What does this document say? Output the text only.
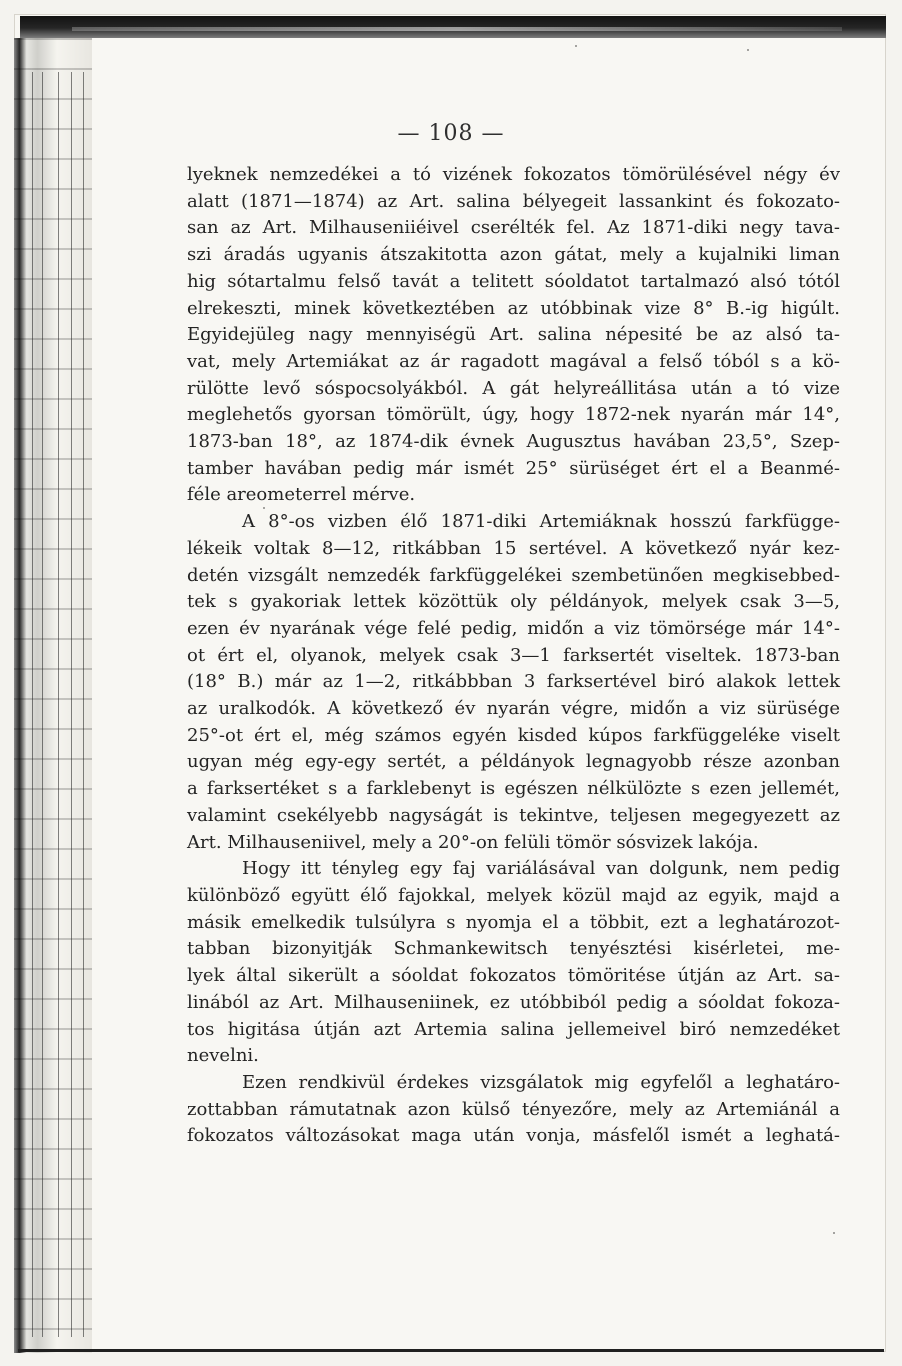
— 108 —
lyeknek nemzedékei a tó vizének fokozatos tömörülésével négy év
alatt (1871—1874) az Art. salina bélyegeit lassankint és fokozato-
san az Art. Milhauseniiéivel cserélték fel. Az 1871-diki negy tava-
szi áradás ugyanis átszakitotta azon gátat, mely a kujalniki liman
hig sótartalmu felső tavát a telitett sóoldatot tartalmazó alsó tótól
elrekeszti, minek következtében az utóbbinak vize 8° B.-ig higúlt.
Egyidejüleg nagy mennyiségü Art. salina népesité be az alsó ta-
vat, mely Artemiákat az ár ragadott magával a felső tóból s a kö-
rülötte levő sóspocsolyákból. A gát helyreállitása után a tó vize
meglehetős gyorsan tömörült, úgy, hogy 1872-nek nyarán már 14°,
1873-ban 18°, az 1874-dik évnek Augusztus havában 23,5°, Szep-
tamber havában pedig már ismét 25° sürüséget ért el a Beanmé-
féle areometerrel mérve.
A 8°-os vizben élő 1871-diki Artemiáknak hosszú farkfügge-
lékeik voltak 8—12, ritkábban 15 sertével. A következő nyár kez-
detén vizsgált nemzedék farkfüggelékei szembetünően megkisebbed-
tek s gyakoriak lettek közöttük oly példányok, melyek csak 3—5,
ezen év nyarának vége felé pedig, midőn a viz tömörsége már 14°-
ot ért el, olyanok, melyek csak 3—1 farksertét viseltek. 1873-ban
(18° B.) már az 1—2, ritkábbban 3 farksertével biró alakok lettek
az uralkodók. A következő év nyarán végre, midőn a viz sürüsége
25°-ot ért el, még számos egyén kisded kúpos farkfüggeléke viselt
ugyan még egy-egy sertét, a példányok legnagyobb része azonban
a farksertéket s a farklebenyt is egészen nélkülözte s ezen jellemét,
valamint csekélyebb nagyságát is tekintve, teljesen megegyezett az
Art. Milhauseniivel, mely a 20°-on felüli tömör sósvizek lakója.
Hogy itt tényleg egy faj variálásával van dolgunk, nem pedig
különböző együtt élő fajokkal, melyek közül majd az egyik, majd a
másik emelkedik tulsúlyra s nyomja el a többit, ezt a leghatározot-
tabban bizonyitják Schmankewitsch tenyésztési kisérletei, me-
lyek által sikerült a sóoldat fokozatos tömöritése útján az Art. sa-
linából az Art. Milhauseniinek, ez utóbbiból pedig a sóoldat fokoza-
tos higitása útján azt Artemia salina jellemeivel biró nemzedéket
nevelni.
Ezen rendkivül érdekes vizsgálatok mig egyfelől a leghatáro-
zottabban rámutatnak azon külső tényezőre, mely az Artemiánál a
fokozatos változásokat maga után vonja, másfelől ismét a leghatá-
